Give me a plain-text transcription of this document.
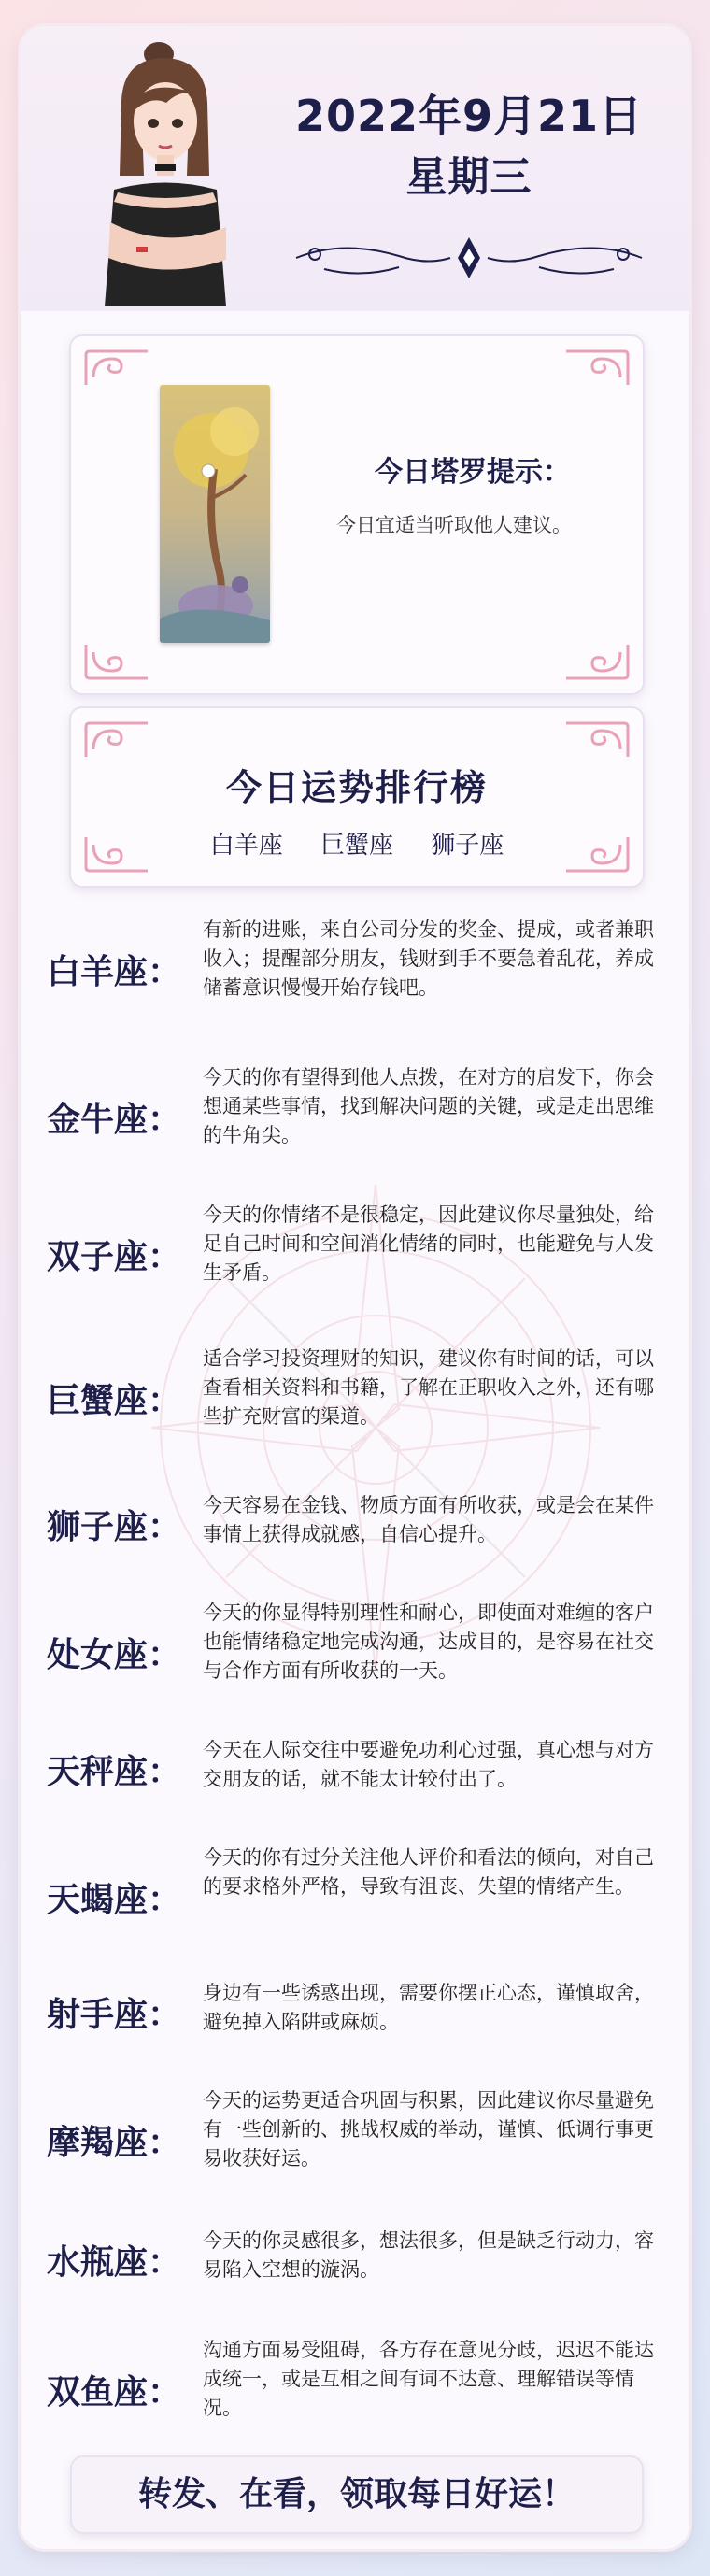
2022年9月21日
星期三
今日塔罗提示：
今日宜适当听取他人建议。
今日运势排行榜
白羊座 巨蟹座 狮子座
白羊座：
有新的进账，来自公司分发的奖金、提成，或者兼职收入；提醒部分朋友，钱财到手不要急着乱花，养成储蓄意识慢慢开始存钱吧。
金牛座：
今天的你有望得到他人点拨，在对方的启发下，你会想通某些事情，找到解决问题的关键，或是走出思维的牛角尖。
双子座：
今天的你情绪不是很稳定，因此建议你尽量独处，给足自己时间和空间消化情绪的同时，也能避免与人发生矛盾。
巨蟹座：
适合学习投资理财的知识，建议你有时间的话，可以查看相关资料和书籍，了解在正职收入之外，还有哪些扩充财富的渠道。
狮子座：
今天容易在金钱、物质方面有所收获，或是会在某件事情上获得成就感，自信心提升。
处女座：
今天的你显得特别理性和耐心，即使面对难缠的客户也能情绪稳定地完成沟通，达成目的，是容易在社交与合作方面有所收获的一天。
天秤座：
今天在人际交往中要避免功利心过强，真心想与对方交朋友的话，就不能太计较付出了。
天蝎座：
今天的你有过分关注他人评价和看法的倾向，对自己的要求格外严格，导致有沮丧、失望的情绪产生。
射手座：
身边有一些诱惑出现，需要你摆正心态，谨慎取舍，避免掉入陷阱或麻烦。
摩羯座：
今天的运势更适合巩固与积累，因此建议你尽量避免有一些创新的、挑战权威的举动，谨慎、低调行事更易收获好运。
水瓶座：
今天的你灵感很多，想法很多，但是缺乏行动力，容易陷入空想的漩涡。
双鱼座：
沟通方面易受阻碍，各方存在意见分歧，迟迟不能达成统一，或是互相之间有词不达意、理解错误等情况。
转发、在看，领取每日好运！
